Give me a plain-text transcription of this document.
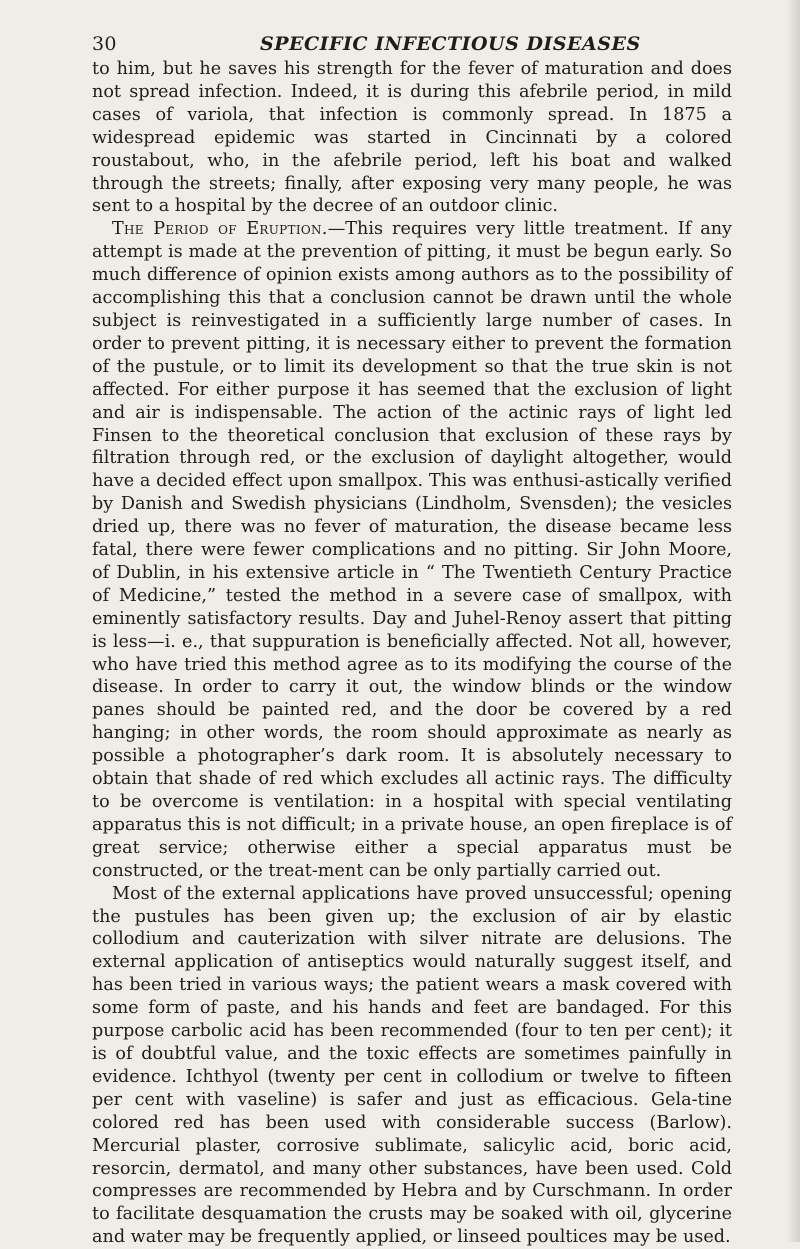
30	SPECIFIC INFECTIOUS DISEASES

to him, but he saves his strength for the fever of maturation and does not spread infection. Indeed, it is during this afebrile period, in mild cases of variola, that infection is commonly spread. In 1875 a widespread epidemic was started in Cincinnati by a colored roustabout, who, in the afebrile period, left his boat and walked through the streets; finally, after exposing very many people, he was sent to a hospital by the decree of an outdoor clinic.

The Period of Eruption.—This requires very little treatment. If any attempt is made at the prevention of pitting, it must be begun early. So much difference of opinion exists among authors as to the possibility of accomplishing this that a conclusion cannot be drawn until the whole subject is reinvestigated in a sufficiently large number of cases. In order to prevent pitting, it is necessary either to prevent the formation of the pustule, or to limit its development so that the true skin is not affected. For either purpose it has seemed that the exclusion of light and air is indispensable. The action of the actinic rays of light led Finsen to the theoretical conclusion that exclusion of these rays by filtration through red, or the exclusion of daylight altogether, would have a decided effect upon smallpox. This was enthusi-astically verified by Danish and Swedish physicians (Lindholm, Svensden); the vesicles dried up, there was no fever of maturation, the disease became less fatal, there were fewer complications and no pitting. Sir John Moore, of Dublin, in his extensive article in “ The Twentieth Century Practice of Medicine,” tested the method in a severe case of smallpox, with eminently satisfactory results. Day and Juhel-Renoy assert that pitting is less—i. e., that suppuration is beneficially affected. Not all, however, who have tried this method agree as to its modifying the course of the disease. In order to carry it out, the window blinds or the window panes should be painted red, and the door be covered by a red hanging; in other words, the room should approximate as nearly as possible a photographer’s dark room. It is absolutely necessary to obtain that shade of red which excludes all actinic rays. The difficulty to be overcome is ventilation: in a hospital with special ventilating apparatus this is not difficult; in a private house, an open fireplace is of great service; otherwise either a special apparatus must be constructed, or the treat-ment can be only partially carried out.

Most of the external applications have proved unsuccessful; opening the pustules has been given up; the exclusion of air by elastic collodium and cauterization with silver nitrate are delusions. The external application of antiseptics would naturally suggest itself, and has been tried in various ways; the patient wears a mask covered with some form of paste, and his hands and feet are bandaged. For this purpose carbolic acid has been recommended (four to ten per cent); it is of doubtful value, and the toxic effects are sometimes painfully in evidence. Ichthyol (twenty per cent in collodium or twelve to fifteen per cent with vaseline) is safer and just as efficacious. Gela-tine colored red has been used with considerable success (Barlow). Mercurial plaster, corrosive sublimate, salicylic acid, boric acid, resorcin, dermatol, and many other substances, have been used. Cold compresses are recommended by Hebra and by Curschmann. In order to facilitate desquamation the crusts may be soaked with oil, glycerine and water may be frequently applied, or linseed poultices may be used.
